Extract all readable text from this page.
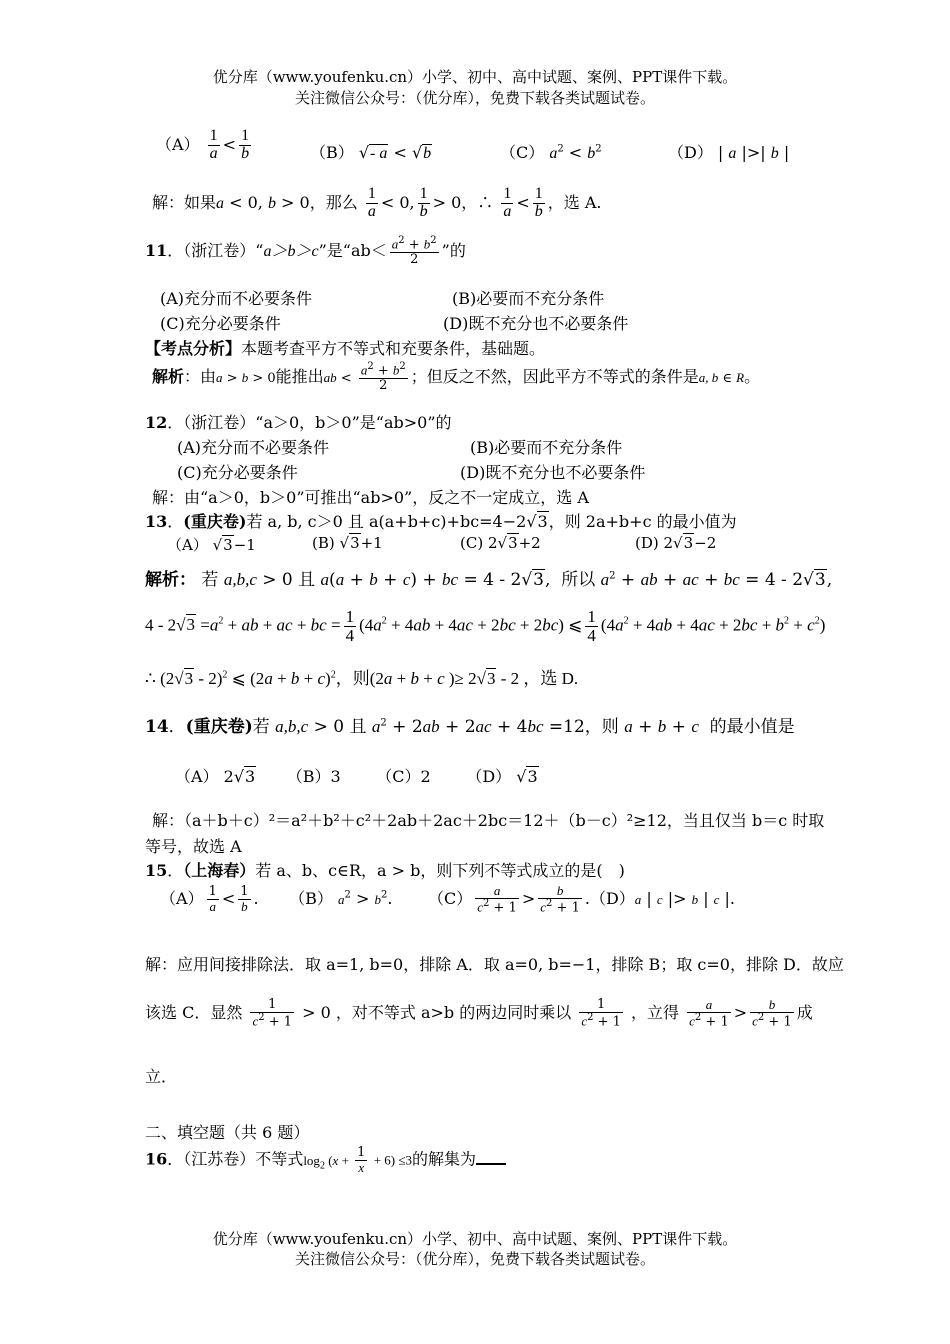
优分库（www.youfenku.cn）小学、初中、高中试题、案例、PPT课件下载。
关注微信公众号：（优分库），免费下载各类试题试卷。
$(A) \frac{1}{a} < \frac{1}{b}$	（B） √- a < √b	（C） $a^2 < b^2$	（D） | a |>| b |
解：如果a < 0, b > 0，那么 $\frac{1}{a} < 0$, $\frac{1}{b} > 0$，∴ $\frac{1}{a} < \frac{1}{b}$ ，选 A.
11．（浙江卷）“a＞b＞c”是“$ab< \frac{a^2 + b^2}{2}$ ”的
(A)充分而不必要条件	(B)必要而不充分条件
(C)充分必要条件	(D)既不充分也不必要条件
【考点分析】本题考查平方不等式和充要条件，基础题。
解析：由a > b > 0能推出ab < $\frac{a^2 + b^2}{2}$ ；但反之不然，因此平方不等式的条件是a, b ∈ R。
12．（浙江卷）“a＞0，b＞0”是“ab>0”的
(A)充分而不必要条件	(B)必要而不充分条件
(C)充分必要条件	(D)既不充分也不必要条件
解：由“a＞0，b＞0”可推出“ab>0”，反之不一定成立，选 A
13．(重庆卷)若 a, b, c＞0 且 a(a+b+c)+bc=4−2√3，则 2a+b+c 的最小值为
（A） √3−1	(B) √3+1	(C) 2√3+2	(D) 2√3−2
解析： 若 a,b,c > 0 且 a(a + b + c) + bc = 4 - 2√3,  所以 $a^2$ + ab + ac + bc = 4 - 2√3,
$4 - 2√3 =a^2$ + ab + ac + bc = $\frac{1}{4} (4a^2 + 4ab + 4ac + 2bc + 2bc)$ ⩽ $\frac{1}{4} (4a^2 + 4ab + 4ac + 2bc + b^2 + c^2)$
∴ (2√3 - 2)$^2$ ⩽ $(2a + b + c)^2$，则(2a + b + c )≥ 2√3 - 2 ，选 D.
14．(重庆卷)若 a,b,c > 0 且 $a^2 + 2ab + 2ac + 4bc =12$，则 a + b + c 的最小值是
（A） 2√3 （B）3 （C）2 （D） √3
解：（a＋b＋c）²＝a²＋b²＋c²＋2ab＋2ac＋2bc＝12＋（b－c）²≥12，当且仅当 b＝c 时取
等号，故选 A
15．（上海春）若 a、b、c∈R，a > b，则下列不等式成立的是(　)
$(A) \frac{1}{a} < \frac{1}{b}$ .      （B） $a^2 > b^2$.       $(C) \frac{a}{c^2 + 1} > \frac{b}{c^2 + 1} .(D)a$ | c |> b | c |.
解：应用间接排除法．取 a=1, b=0，排除 A．取 a=0, b=−1，排除 B；取 c=0，排除 D．故应
该选 C．显然 $\frac{1}{c^2 + 1} > 0$ ，对不等式 a>b 的两边同时乘以 $\frac{1}{c^2 + 1}$ ，立得 $\frac{a}{c^2 + 1} > \frac{b}{c^2 + 1}$ 成
立．
二、填空题（共 6 题）
16．（江苏卷）不等式$\log_2 (x + \frac{1}{x} + 6) \le 3$的解集为
优分库（www.youfenku.cn）小学、初中、高中试题、案例、PPT课件下载。
关注微信公众号：（优分库），免费下载各类试题试卷。
